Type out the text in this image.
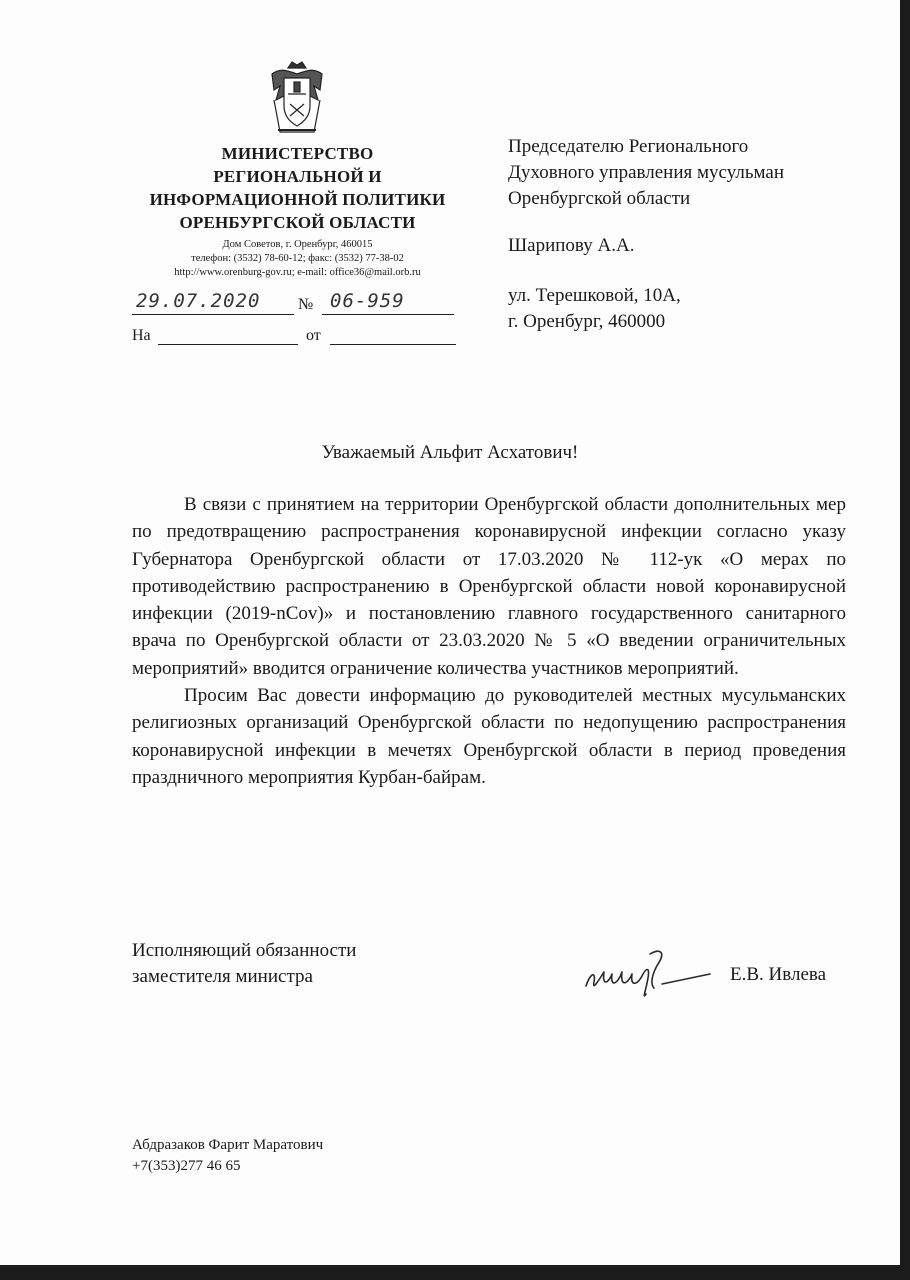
МИНИСТЕРСТВО
РЕГИОНАЛЬНОЙ И
ИНФОРМАЦИОННОЙ ПОЛИТИКИ
ОРЕНБУРГСКОЙ ОБЛАСТИ
Дом Советов, г. Оренбург, 460015
телефон: (3532) 78-60-12; факс: (3532) 77-38-02
http://www.orenburg-gov.ru; e-mail: office36@mail.orb.ru
29.07.2020 № 06-959
На	от
Председателю Регионального
Духовного управления мусульман
Оренбургской области
Шарипову А.А.
ул. Терешковой, 10А,
г. Оренбург, 460000
Уважаемый Альфит Асхатович!

В связи с принятием на территории Оренбургской области дополнительных мер по предотвращению распространения коронавирусной инфекции согласно указу Губернатора Оренбургской области от 17.03.2020 № 112-ук «О мерах по противодействию распространению в Оренбургской области новой коронавирусной инфекции (2019-nCov)» и постановлению главного государственного санитарного врача по Оренбургской области от 23.03.2020 № 5 «О введении ограничительных мероприятий» вводится ограничение количества участников мероприятий.

Просим Вас довести информацию до руководителей местных мусульманских религиозных организаций Оренбургской области по недопущению распространения коронавирусной инфекции в мечетях Оренбургской области в период проведения праздничного мероприятия Курбан-байрам.

Исполняющий обязанности
заместителя министра	Е.В. Ивлева
Абдразаков Фарит Маратович
+7(353)277 46 65
